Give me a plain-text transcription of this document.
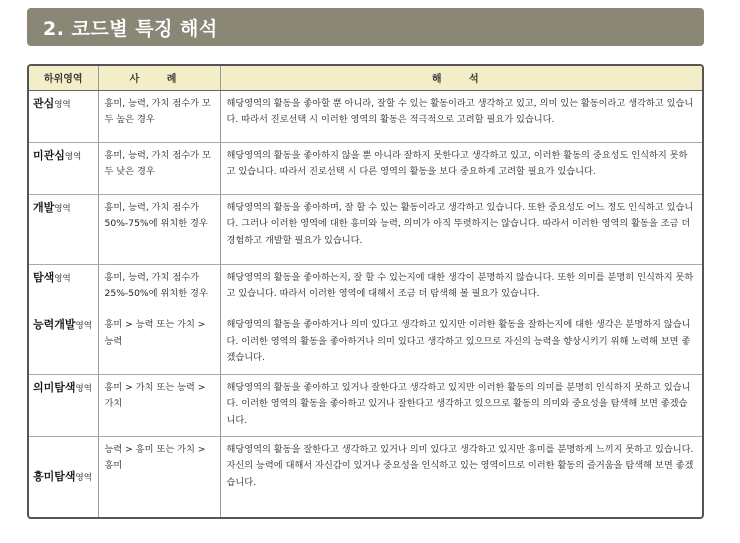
2. 코드별 특징 해석
하위영역	사 례	해 석
관심영역	흥미, 능력, 가치 점수가 모두 높은 경우	해당영역의 활동을 좋아할 뿐 아니라, 잘할 수 있는 활동이라고 생각하고 있고, 의미 있는 활동이라고 생각하고 있습니다. 따라서 진로선택 시 이러한 영역의 활동은 적극적으로 고려할 필요가 있습니다.
미관심영역	흥미, 능력, 가치 점수가 모두 낮은 경우	해당영역의 활동을 좋아하지 않을 뿐 아니라 잘하지 못한다고 생각하고 있고, 이러한 활동의 중요성도 인식하지 못하고 있습니다. 따라서 진로선택 시 다른 영역의 활동을 보다 중요하게 고려할 필요가 있습니다.
개발영역	흥미, 능력, 가치 점수가 50%-75%에 위치한 경우	해당영역의 활동을 좋아하며, 잘 할 수 있는 활동이라고 생각하고 있습니다. 또한 중요성도 어느 정도 인식하고 있습니다. 그러나 이러한 영역에 대한 흥미와 능력, 의미가 아직 뚜렷하지는 않습니다. 따라서 이러한 영역의 활동을 조금 더 경험하고 개발할 필요가 있습니다.
탐색영역	흥미, 능력, 가치 점수가 25%-50%에 위치한 경우	해당영역의 활동을 좋아하는지, 잘 할 수 있는지에 대한 생각이 분명하지 않습니다. 또한 의미를 분명히 인식하지 못하고 있습니다. 따라서 이러한 영역에 대해서 조금 더 탐색해 볼 필요가 있습니다.
능력개발영역	흥미 > 능력 또는 가치 > 능력	해당영역의 활동을 좋아하거나 의미 있다고 생각하고 있지만 이러한 활동을 잘하는지에 대한 생각은 분명하지 않습니다. 이러한 영역의 활동을 좋아하거나 의미 있다고 생각하고 있으므로 자신의 능력을 향상시키기 위해 노력해 보면 좋겠습니다.
의미탐색영역	흥미 > 가치 또는 능력 > 가치	해당영역의 활동을 좋아하고 있거나 잘한다고 생각하고 있지만 이러한 활동의 의미를 분명히 인식하지 못하고 있습니다. 이러한 영역의 활동을 좋아하고 있거나 잘한다고 생각하고 있으므로 활동의 의미와 중요성을 탐색해 보면 좋겠습니다.
흥미탐색영역	능력 > 흥미 또는 가치 > 흥미	해당영역의 활동을 잘한다고 생각하고 있거나 의미 있다고 생각하고 있지만 흥미를 분명하게 느끼지 못하고 있습니다. 자신의 능력에 대해서 자신감이 있거나 중요성을 인식하고 있는 영역이므로 이러한 활동의 즐거움을 탐색해 보면 좋겠습니다.
